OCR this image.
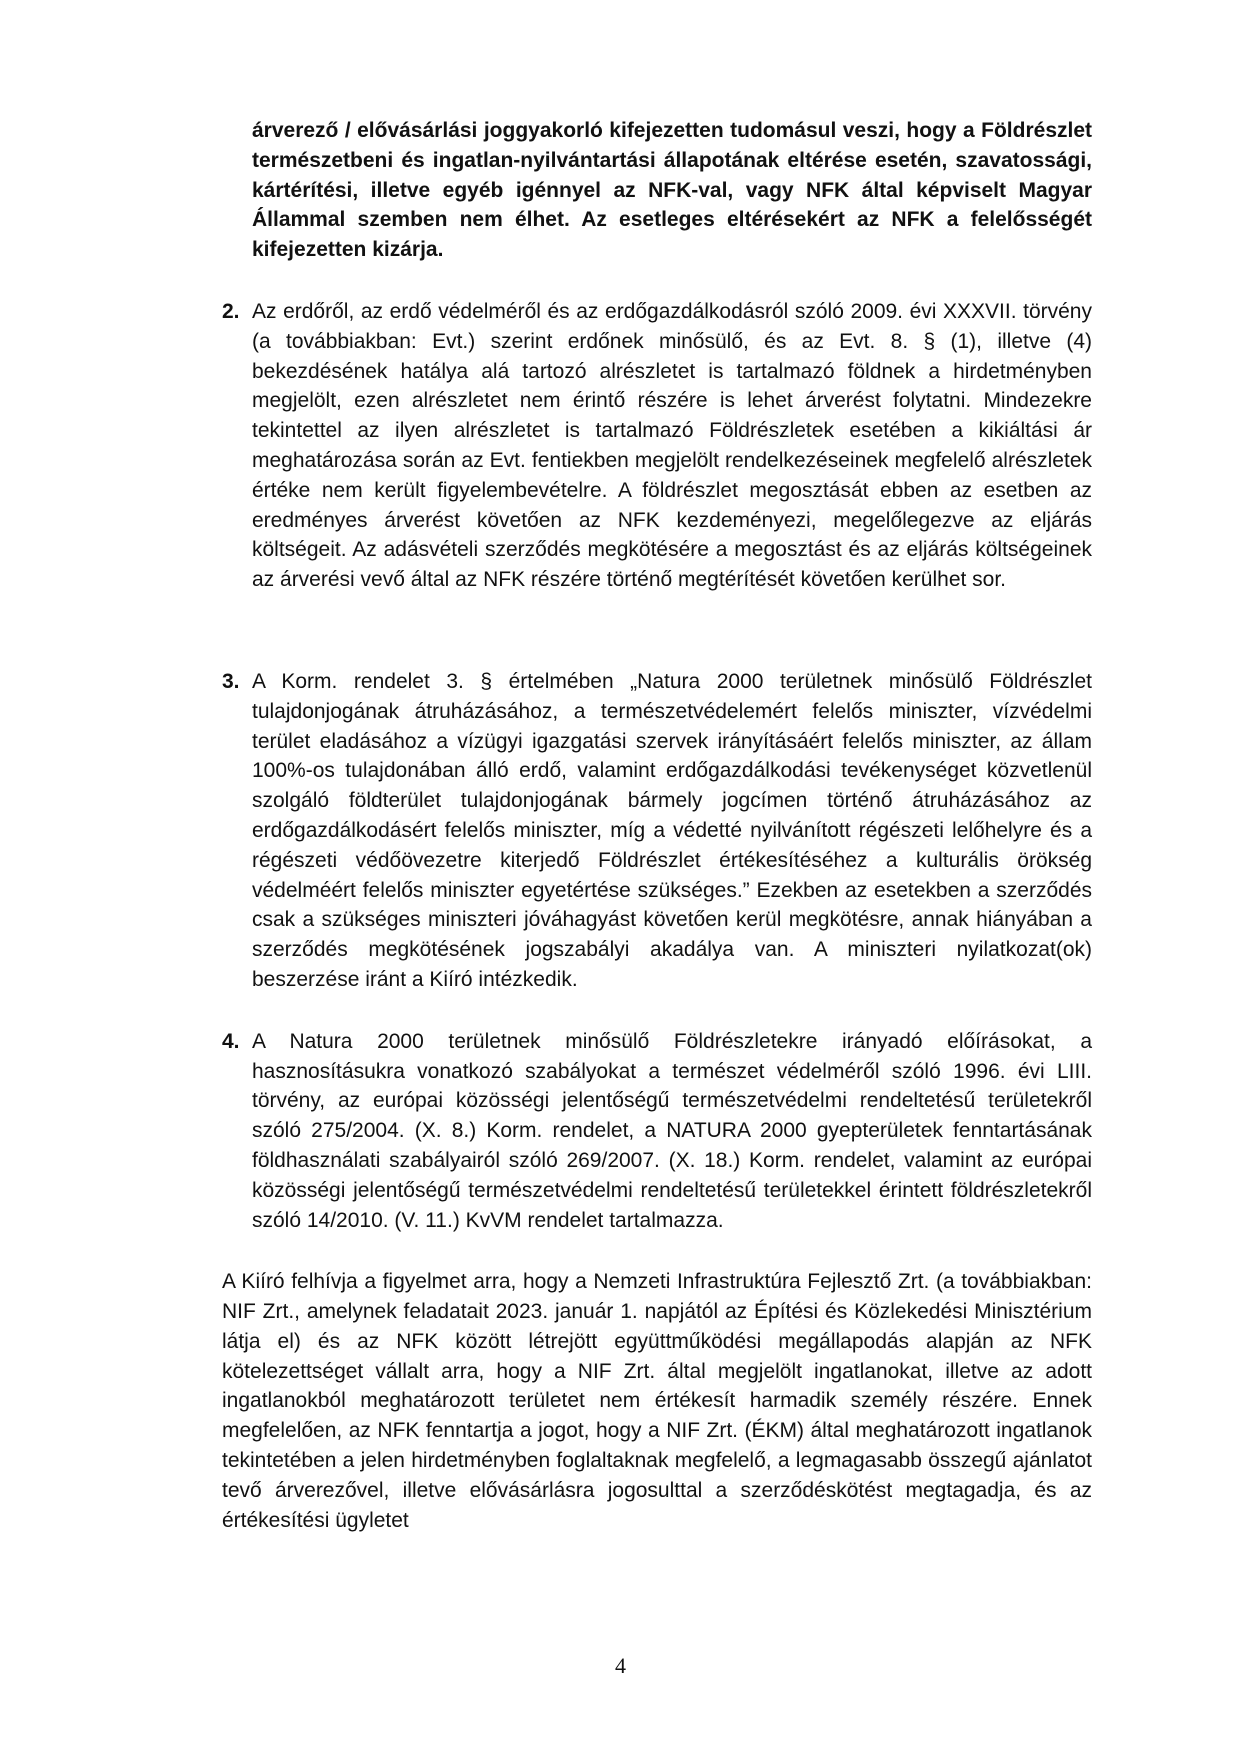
árverező / elővásárlási joggyakorló kifejezetten tudomásul veszi, hogy a Földrészlet természetbeni és ingatlan-nyilvántartási állapotának eltérése esetén, szavatossági, kártérítési, illetve egyéb igénnyel az NFK-val, vagy NFK által képviselt Magyar Állammal szemben nem élhet. Az esetleges eltérésekért az NFK a felelősségét kifejezetten kizárja.

2. Az erdőről, az erdő védelméről és az erdőgazdálkodásról szóló 2009. évi XXXVII. törvény (a továbbiakban: Evt.) szerint erdőnek minősülő, és az Evt. 8. § (1), illetve (4) bekezdésének hatálya alá tartozó alrészletet is tartalmazó földnek a hirdetményben megjelölt, ezen alrészletet nem érintő részére is lehet árverést folytatni. Mindezekre tekintettel az ilyen alrészletet is tartalmazó Földrészletek esetében a kikiáltási ár meghatározása során az Evt. fentiekben megjelölt rendelkezéseinek megfelelő alrészletek értéke nem került figyelembevételre. A földrészlet megosztását ebben az esetben az eredményes árverést követően az NFK kezdeményezi, megelőlegezve az eljárás költségeit. Az adásvételi szerződés megkötésére a megosztást és az eljárás költségeinek az árverési vevő által az NFK részére történő megtérítését követően kerülhet sor.
3. A Korm. rendelet 3. § értelmében „Natura 2000 területnek minősülő Földrészlet tulajdonjogának átruházásához, a természetvédelemért felelős miniszter, vízvédelmi terület eladásához a vízügyi igazgatási szervek irányításáért felelős miniszter, az állam 100%-os tulajdonában álló erdő, valamint erdőgazdálkodási tevékenységet közvetlenül szolgáló földterület tulajdonjogának bármely jogcímen történő átruházásához az erdőgazdálkodásért felelős miniszter, míg a védetté nyilvánított régészeti lelőhelyre és a régészeti védőövezetre kiterjedő Földrészlet értékesítéséhez a kulturális örökség védelméért felelős miniszter egyetértése szükséges.” Ezekben az esetekben a szerződés csak a szükséges miniszteri jóváhagyást követően kerül megkötésre, annak hiányában a szerződés megkötésének jogszabályi akadálya van. A miniszteri nyilatkozat(ok) beszerzése iránt a Kiíró intézkedik.
4. A Natura 2000 területnek minősülő Földrészletekre irányadó előírásokat, a hasznosításukra vonatkozó szabályokat a természet védelméről szóló 1996. évi LIII. törvény, az európai közösségi jelentőségű természetvédelmi rendeltetésű területekről szóló 275/2004. (X. 8.) Korm. rendelet, a NATURA 2000 gyepterületek fenntartásának földhasználati szabályairól szóló 269/2007. (X. 18.) Korm. rendelet, valamint az európai közösségi jelentőségű természetvédelmi rendeltetésű területekkel érintett földrészletekről szóló 14/2010. (V. 11.) KvVM rendelet tartalmazza.

A Kiíró felhívja a figyelmet arra, hogy a Nemzeti Infrastruktúra Fejlesztő Zrt. (a továbbiakban: NIF Zrt., amelynek feladatait 2023. január 1. napjától az Építési és Közlekedési Minisztérium látja el) és az NFK között létrejött együttműködési megállapodás alapján az NFK kötelezettséget vállalt arra, hogy a NIF Zrt. által megjelölt ingatlanokat, illetve az adott ingatlanokból meghatározott területet nem értékesít harmadik személy részére. Ennek megfelelően, az NFK fenntartja a jogot, hogy a NIF Zrt. (ÉKM) által meghatározott ingatlanok tekintetében a jelen hirdetményben foglaltaknak megfelelő, a legmagasabb összegű ajánlatot tevő árverezővel, illetve elővásárlásra jogosulttal a szerződéskötést megtagadja, és az értékesítési ügyletet

4
